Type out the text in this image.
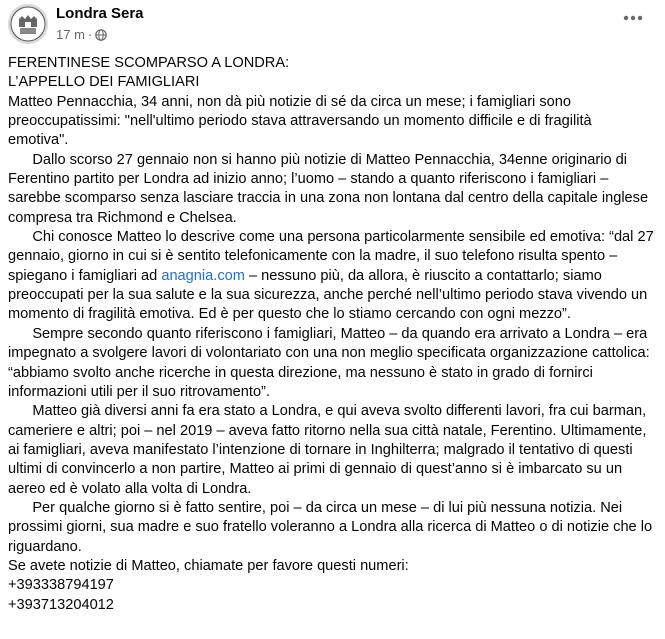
Londra Sera
17 m ·

FERENTINESE SCOMPARSO A LONDRA:

L’APPELLO DEI FAMIGLIARI

Matteo Pennacchia, 34 anni, non dà più notizie di sé da circa un mese; i famigliari sono preoccupatissimi: "nell'ultimo periodo stava attraversando un momento difficile e di fragilità emotiva".

Dallo scorso 27 gennaio non si hanno più notizie di Matteo Pennacchia, 34enne originario di Ferentino partito per Londra ad inizio anno; l’uomo – stando a quanto riferiscono i famigliari – sarebbe scomparso senza lasciare traccia in una zona non lontana dal centro della capitale inglese compresa tra Richmond e Chelsea.

Chi conosce Matteo lo descrive come una persona particolarmente sensibile ed emotiva: “dal 27 gennaio, giorno in cui si è sentito telefonicamente con la madre, il suo telefono risulta spento – spiegano i famigliari ad anagnia.com – nessuno più, da allora, è riuscito a contattarlo; siamo preoccupati per la sua salute e la sua sicurezza, anche perché nell’ultimo periodo stava vivendo un momento di fragilità emotiva. Ed è per questo che lo stiamo cercando con ogni mezzo”.

Sempre secondo quanto riferiscono i famigliari, Matteo – da quando era arrivato a Londra – era impegnato a svolgere lavori di volontariato con una non meglio specificata organizzazione cattolica: “abbiamo svolto anche ricerche in questa direzione, ma nessuno è stato in grado di fornirci informazioni utili per il suo ritrovamento”.

Matteo già diversi anni fa era stato a Londra, e qui aveva svolto differenti lavori, fra cui barman, cameriere e altri; poi – nel 2019 – aveva fatto ritorno nella sua città natale, Ferentino. Ultimamente, ai famigliari, aveva manifestato l’intenzione di tornare in Inghilterra; malgrado il tentativo di questi ultimi di convincerlo a non partire, Matteo ai primi di gennaio di quest’anno si è imbarcato su un aereo ed è volato alla volta di Londra.

Per qualche giorno si è fatto sentire, poi – da circa un mese – di lui più nessuna notizia. Nei prossimi giorni, sua madre e suo fratello voleranno a Londra alla ricerca di Matteo o di notizie che lo riguardano.

Se avete notizie di Matteo, chiamate per favore questi numeri:

+393338794197

+393713204012
